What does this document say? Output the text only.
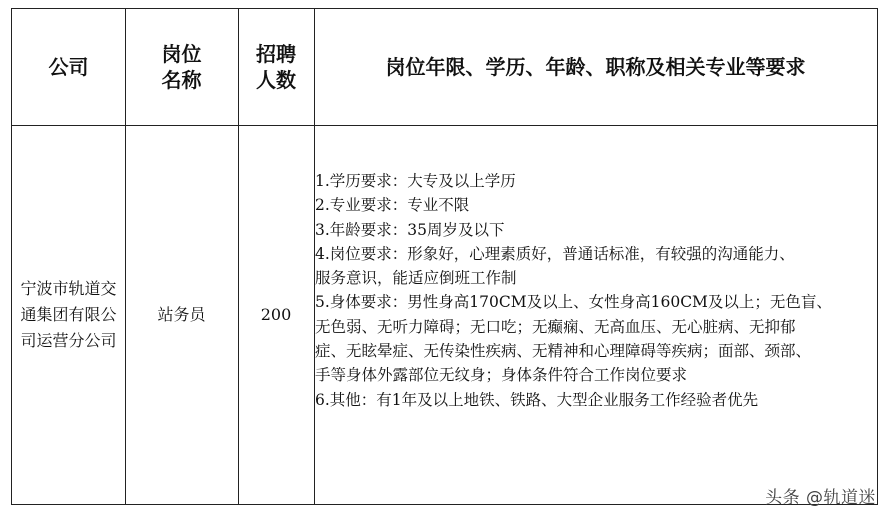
公司
岗位
名称
招聘
人数
岗位年限、学历、年龄、职称及相关专业等要求
宁波市轨道交
通集团有限公
司运营分公司
站务员	200
1.学历要求：大专及以上学历
2.专业要求：专业不限
3.年龄要求：35周岁及以下
4.岗位要求：形象好，心理素质好，普通话标准，有较强的沟通能力、
服务意识，能适应倒班工作制
5.身体要求：男性身高170CM及以上、女性身高160CM及以上；无色盲、
无色弱、无听力障碍；无口吃；无癫痫、无高血压、无心脏病、无抑郁
症、无眩晕症、无传染性疾病、无精神和心理障碍等疾病；面部、颈部、
手等身体外露部位无纹身；身体条件符合工作岗位要求
6.其他：有1年及以上地铁、铁路、大型企业服务工作经验者优先
头条 @轨道迷
